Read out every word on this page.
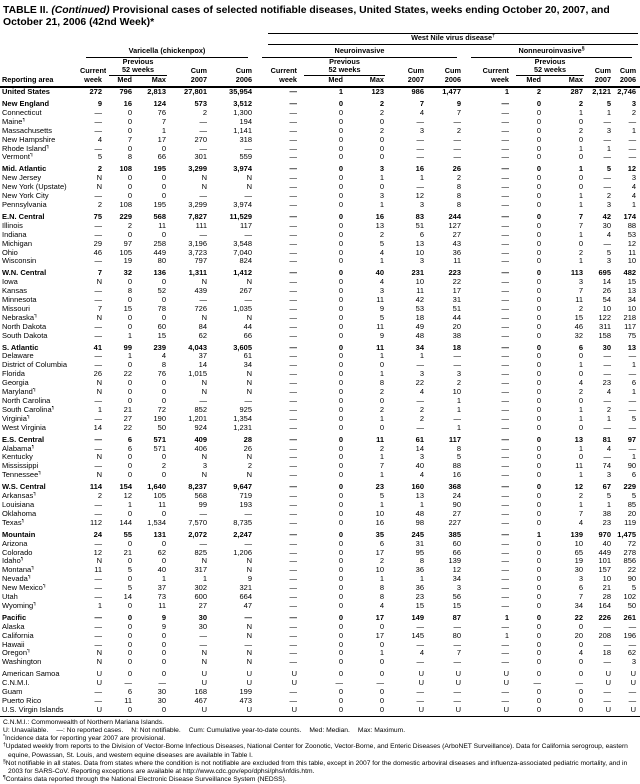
TABLE II. (Continued) Provisional cases of selected notifiable diseases, United States, weeks ending October 20, 2007, and October 21, 2006 (42nd Week)*

						West Nile virus disease†

	Varicella (chickenpox)					Neuroinvasive					Nonneuroinvasive§

	Current	
Previous
52 weeks	Cum	Cum	Current	
Previous
52 weeks	Cum	Cum	Current	
Previous
52 weeks	Cum	Cum
Reporting area	week	Med	Max	2007	2006	week	Med	Max	2007	2006	week	Med	Max	2007	2006
United States	272	796	2,813	27,801	35,954	—	1	123	986	1,477	1	2	287	2,121	2,746
New England	9	16	124	573	3,512	—	0	2	7	9	—	0	2	5	3
Connecticut	—	0	76	2	1,300	—	0	2	4	7	—	0	1	1	2
Maine¶	—	0	7	—	194	—	0	0	—	—	—	0	0	—	—
Massachusetts	—	0	1	—	1,141	—	0	2	3	2	—	0	2	3	1
New Hampshire	4	7	17	270	318	—	0	0	—	—	—	0	0	—	—
Rhode Island¶	—	0	0	—	—	—	0	0	—	—	—	0	1	1	—
Vermont¶	5	8	66	301	559	—	0	0	—	—	—	0	0	—	—
Mid. Atlantic	2	108	195	3,299	3,974	—	0	3	16	26	—	0	1	5	12
New Jersey	N	0	0	N	N	—	0	1	1	2	—	0	0	—	3
New York (Upstate)	N	0	0	N	N	—	0	0	—	8	—	0	0	—	4
New York City	—	0	0	—	—	—	0	3	12	8	—	0	1	2	4
Pennsylvania	2	108	195	3,299	3,974	—	0	1	3	8	—	0	1	3	1
E.N. Central	75	229	568	7,827	11,529	—	0	16	83	244	—	0	7	42	174
Illinois	—	2	11	111	117	—	0	13	51	127	—	0	7	30	88
Indiana	—	0	0	—	—	—	0	2	6	27	—	0	1	4	53
Michigan	29	97	258	3,196	3,548	—	0	5	13	43	—	0	0	—	12
Ohio	46	105	449	3,723	7,040	—	0	4	10	36	—	0	2	5	11
Wisconsin	—	19	80	797	824	—	0	1	3	11	—	0	1	3	10
W.N. Central	7	32	136	1,311	1,412	—	0	40	231	223	—	0	113	695	482
Iowa	N	0	0	N	N	—	0	4	10	22	—	0	3	14	15
Kansas	—	8	52	439	267	—	0	3	11	17	—	0	7	26	13
Minnesota	—	0	0	—	—	—	0	11	42	31	—	0	11	54	34
Missouri	7	15	78	726	1,035	—	0	9	53	51	—	0	2	10	10
Nebraska¶	N	0	0	N	N	—	0	5	18	44	—	0	15	122	218
North Dakota	—	0	60	84	44	—	0	11	49	20	—	0	46	311	117
South Dakota	—	1	15	62	66	—	0	9	48	38	—	0	32	158	75
S. Atlantic	41	99	239	4,043	3,605	—	0	11	34	18	—	0	6	30	13
Delaware	—	1	4	37	61	—	0	1	1	—	—	0	0	—	—
District of Columbia	—	0	8	14	34	—	0	0	—	—	—	0	1	—	1
Florida	26	22	76	1,015	N	—	0	1	3	3	—	0	0	—	—
Georgia	N	0	0	N	N	—	0	8	22	2	—	0	4	23	6
Maryland¶	N	0	0	N	N	—	0	2	4	10	—	0	2	4	1
North Carolina	—	0	0	—	—	—	0	0	—	1	—	0	0	—	—
South Carolina¶	1	21	72	852	925	—	0	2	2	1	—	0	1	2	—
Virginia¶	—	27	190	1,201	1,354	—	0	1	2	—	—	0	1	1	5
West Virginia	14	22	50	924	1,231	—	0	0	—	1	—	0	0	—	—
E.S. Central	—	6	571	409	28	—	0	11	61	117	—	0	13	81	97
Alabama¶	—	6	571	406	26	—	0	2	14	8	—	0	1	4	—
Kentucky	N	0	0	N	N	—	0	1	3	5	—	0	0	—	1
Mississippi	—	0	2	3	2	—	0	7	40	88	—	0	11	74	90
Tennessee¶	N	0	0	N	N	—	0	1	4	16	—	0	1	3	6
W.S. Central	114	154	1,640	8,237	9,647	—	0	23	160	368	—	0	12	67	229
Arkansas¶	2	12	105	568	719	—	0	5	13	24	—	0	2	5	5
Louisiana	—	1	11	99	193	—	0	1	1	90	—	0	1	1	85
Oklahoma	—	0	0	—	—	—	0	10	48	27	—	0	7	38	20
Texas¶	112	144	1,534	7,570	8,735	—	0	16	98	227	—	0	4	23	119
Mountain	24	55	131	2,072	2,247	—	0	35	245	385	—	1	139	970	1,475
Arizona	—	0	0	—	—	—	0	6	31	60	—	0	10	40	72
Colorado	12	21	62	825	1,206	—	0	17	95	66	—	0	65	449	278
Idaho¶	N	0	0	N	N	—	0	2	8	139	—	0	19	101	856
Montana¶	11	5	40	317	N	—	0	10	36	12	—	0	30	157	22
Nevada¶	—	0	1	1	9	—	0	1	1	34	—	0	3	10	90
New Mexico¶	—	5	37	302	321	—	0	8	36	3	—	0	6	21	5
Utah	—	14	73	600	664	—	0	8	23	56	—	0	7	28	102
Wyoming¶	1	0	11	27	47	—	0	4	15	15	—	0	34	164	50
Pacific	—	0	9	30	—	—	0	17	149	87	1	0	22	226	261
Alaska	—	0	9	30	N	—	0	0	—	—	—	0	0	—	—
California	—	0	0	—	N	—	0	17	145	80	1	0	20	208	196
Hawaii	—	0	0	—	—	—	0	0	—	—	—	0	0	—	—
Oregon¶	N	0	0	N	N	—	0	1	4	7	—	0	4	18	62
Washington	N	0	0	N	N	—	0	0	—	—	—	0	0	—	3
American Samoa	U	0	0	U	U	U	0	0	U	U	U	0	0	U	U
C.N.M.I.	U	—	—	U	U	U	—	—	U	U	U	—	—	U	U
Guam	—	6	30	168	199	—	0	0	—	—	—	0	0	—	—
Puerto Rico	—	11	30	467	473	—	0	0	—	—	—	0	0	—	—
U.S. Virgin Islands	U	0	0	U	U	U	0	0	U	U	U	0	0	U	U

C.N.M.I.: Commonwealth of Northern Mariana Islands.

U: Unavailable. —: No reported cases. N: Not notifiable. Cum: Cumulative year-to-date counts. Med: Median. Max: Maximum.

*Incidence data for reporting year 2007 are provisional.

†Updated weekly from reports to the Division of Vector-Borne Infectious Diseases, National Center for Zoonotic, Vector-Borne, and Enteric Diseases (ArboNET Surveillance). Data for California serogroup, eastern equine, Powassan, St. Louis, and western equine diseases are available in Table I.

§Not notifiable in all states. Data from states where the condition is not notifiable are excluded from this table, except in 2007 for the domestic arboviral diseases and influenza-associated pediatric mortality, and in 2003 for SARS-CoV. Reporting exceptions are available at http://www.cdc.gov/epo/dphsi/phs/infdis.htm.

¶Contains data reported through the National Electronic Disease Surveillance System (NEDSS).
